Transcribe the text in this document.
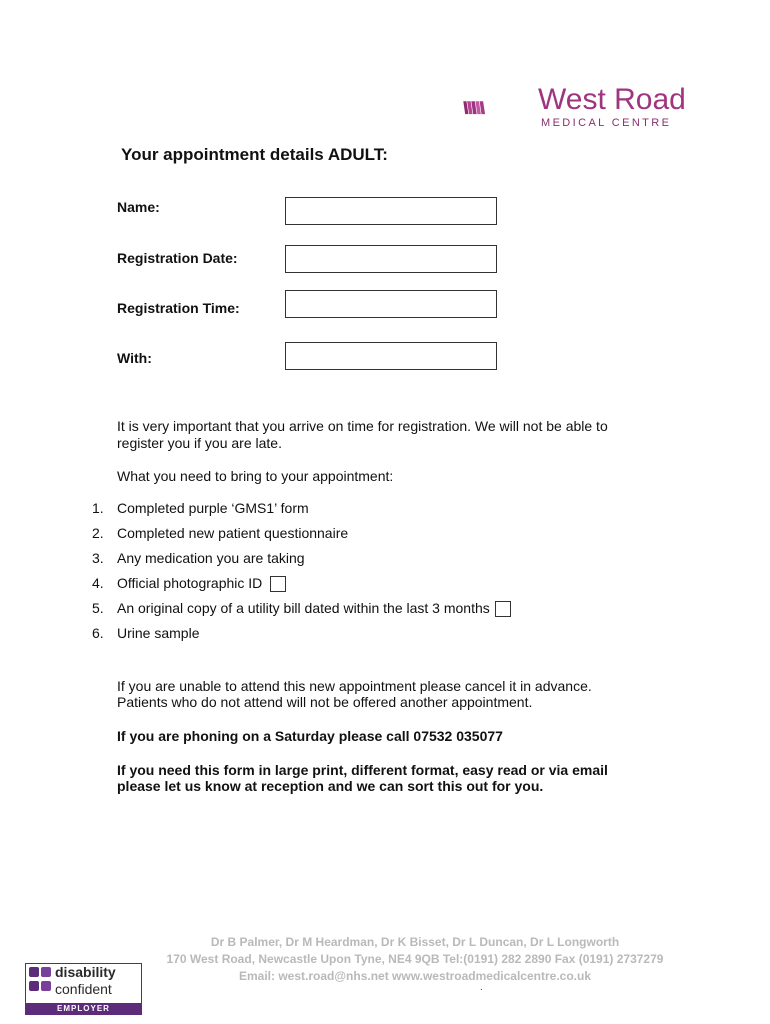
West Road
MEDICAL CENTRE
Your appointment details ADULT:
Name:
Registration Date:
Registration Time:
With:
It is very important that you arrive on time for registration. We will not be able to
register you if you are late.
What you need to bring to your appointment:
1. Completed purple ‘GMS1’ form
2. Completed new patient questionnaire
3. Any medication you are taking
4. Official photographic ID
5. An original copy of a utility bill dated within the last 3 months
6. Urine sample
If you are unable to attend this new appointment please cancel it in advance.
Patients who do not attend will not be offered another appointment.
If you are phoning on a Saturday please call 07532 035077
If you need this form in large print, different format, easy read or via email
please let us know at reception and we can sort this out for you.
Dr B Palmer, Dr M Heardman, Dr K Bisset, Dr L Duncan, Dr L Longworth
170 West Road, Newcastle Upon Tyne, NE4 9QB Tel:(0191) 282 2890 Fax (0191) 2737279
Email: west.road@nhs.net www.westroadmedicalcentre.co.uk
.
disability
confident
EMPLOYER
